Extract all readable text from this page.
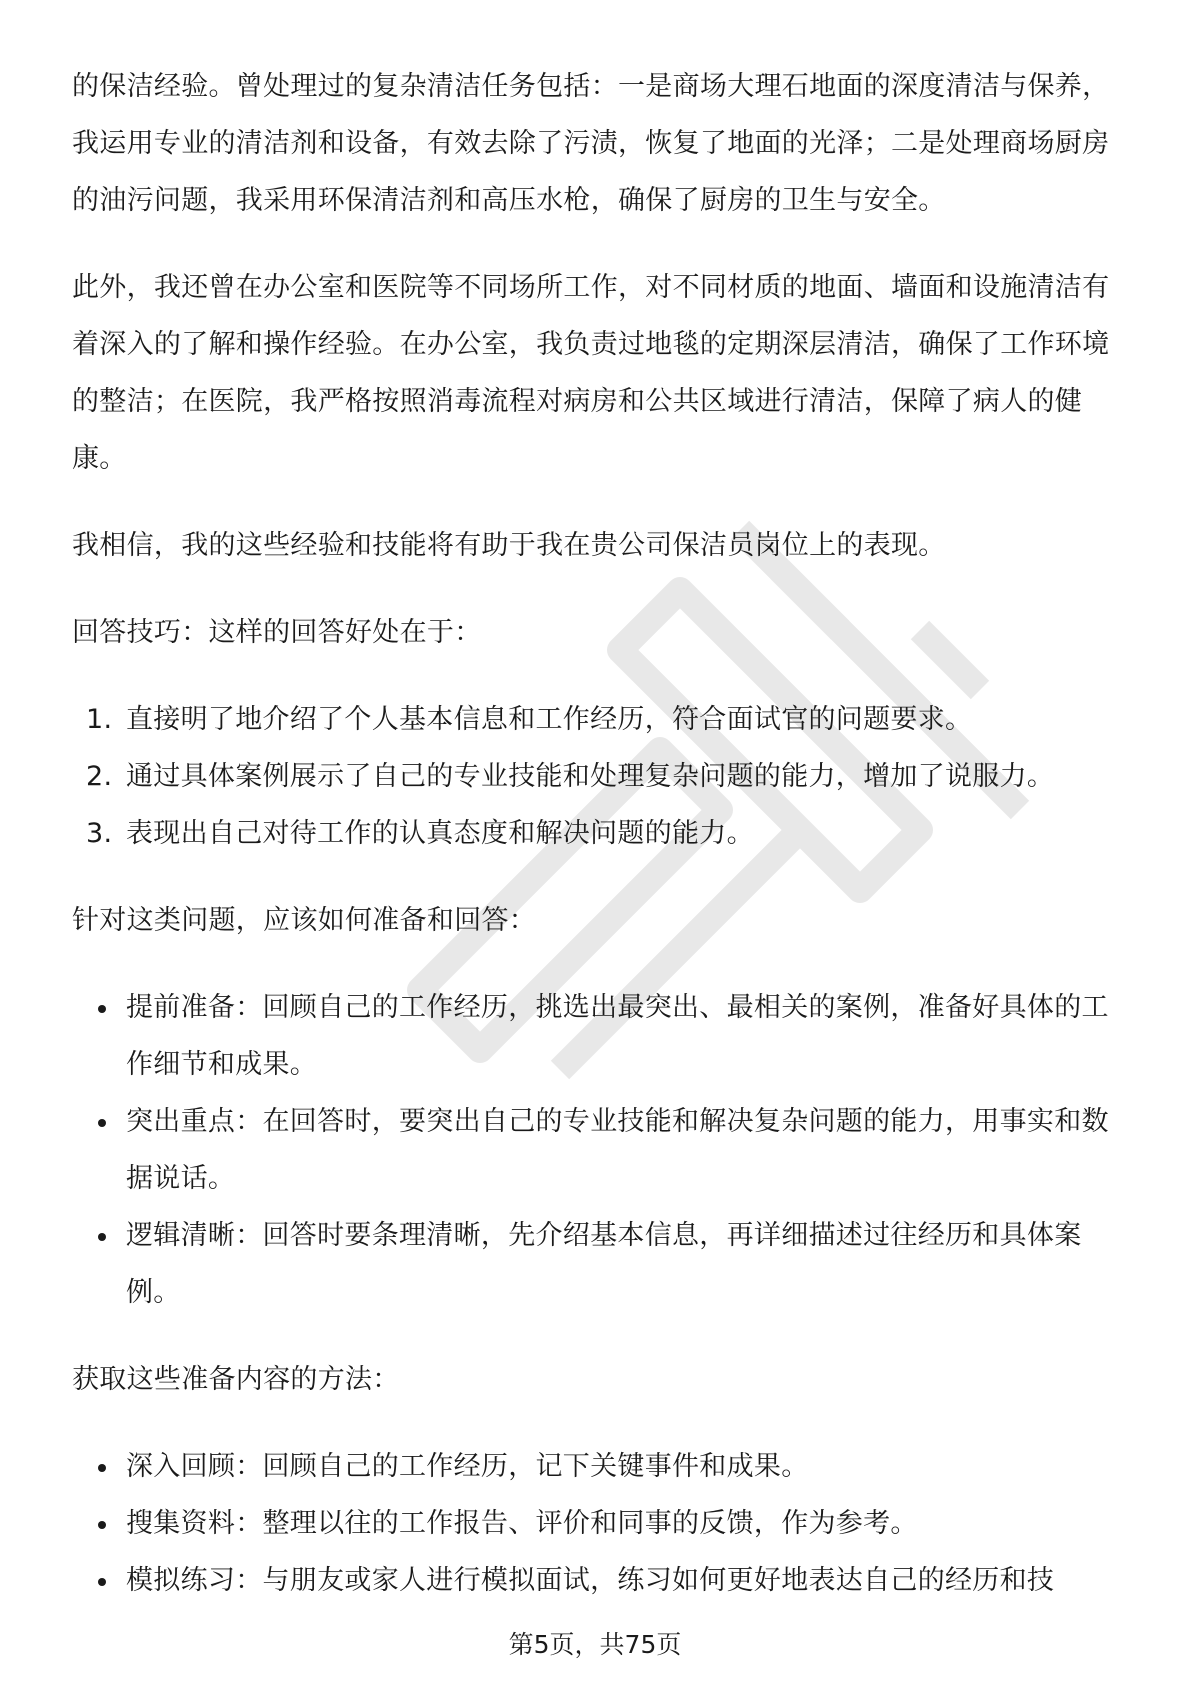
的保洁经验。曾处理过的复杂清洁任务包括：一是商场大理石地面的深度清洁与保养，我运用专业的清洁剂和设备，有效去除了污渍，恢复了地面的光泽；二是处理商场厨房的油污问题，我采用环保清洁剂和高压水枪，确保了厨房的卫生与安全。

此外，我还曾在办公室和医院等不同场所工作，对不同材质的地面、墙面和设施清洁有着深入的了解和操作经验。在办公室，我负责过地毯的定期深层清洁，确保了工作环境的整洁；在医院，我严格按照消毒流程对病房和公共区域进行清洁，保障了病人的健康。

我相信，我的这些经验和技能将有助于我在贵公司保洁员岗位上的表现。

回答技巧：这样的回答好处在于：

1. 直接明了地介绍了个人基本信息和工作经历，符合面试官的问题要求。
2. 通过具体案例展示了自己的专业技能和处理复杂问题的能力，增加了说服力。
3. 表现出自己对待工作的认真态度和解决问题的能力。

针对这类问题，应该如何准备和回答：

提前准备：回顾自己的工作经历，挑选出最突出、最相关的案例，准备好具体的工作细节和成果。
突出重点：在回答时，要突出自己的专业技能和解决复杂问题的能力，用事实和数据说话。
逻辑清晰：回答时要条理清晰，先介绍基本信息，再详细描述过往经历和具体案例。

获取这些准备内容的方法：

深入回顾：回顾自己的工作经历，记下关键事件和成果。
搜集资料：整理以往的工作报告、评价和同事的反馈，作为参考。
模拟练习：与朋友或家人进行模拟面试，练习如何更好地表达自己的经历和技
第5页，共75页
